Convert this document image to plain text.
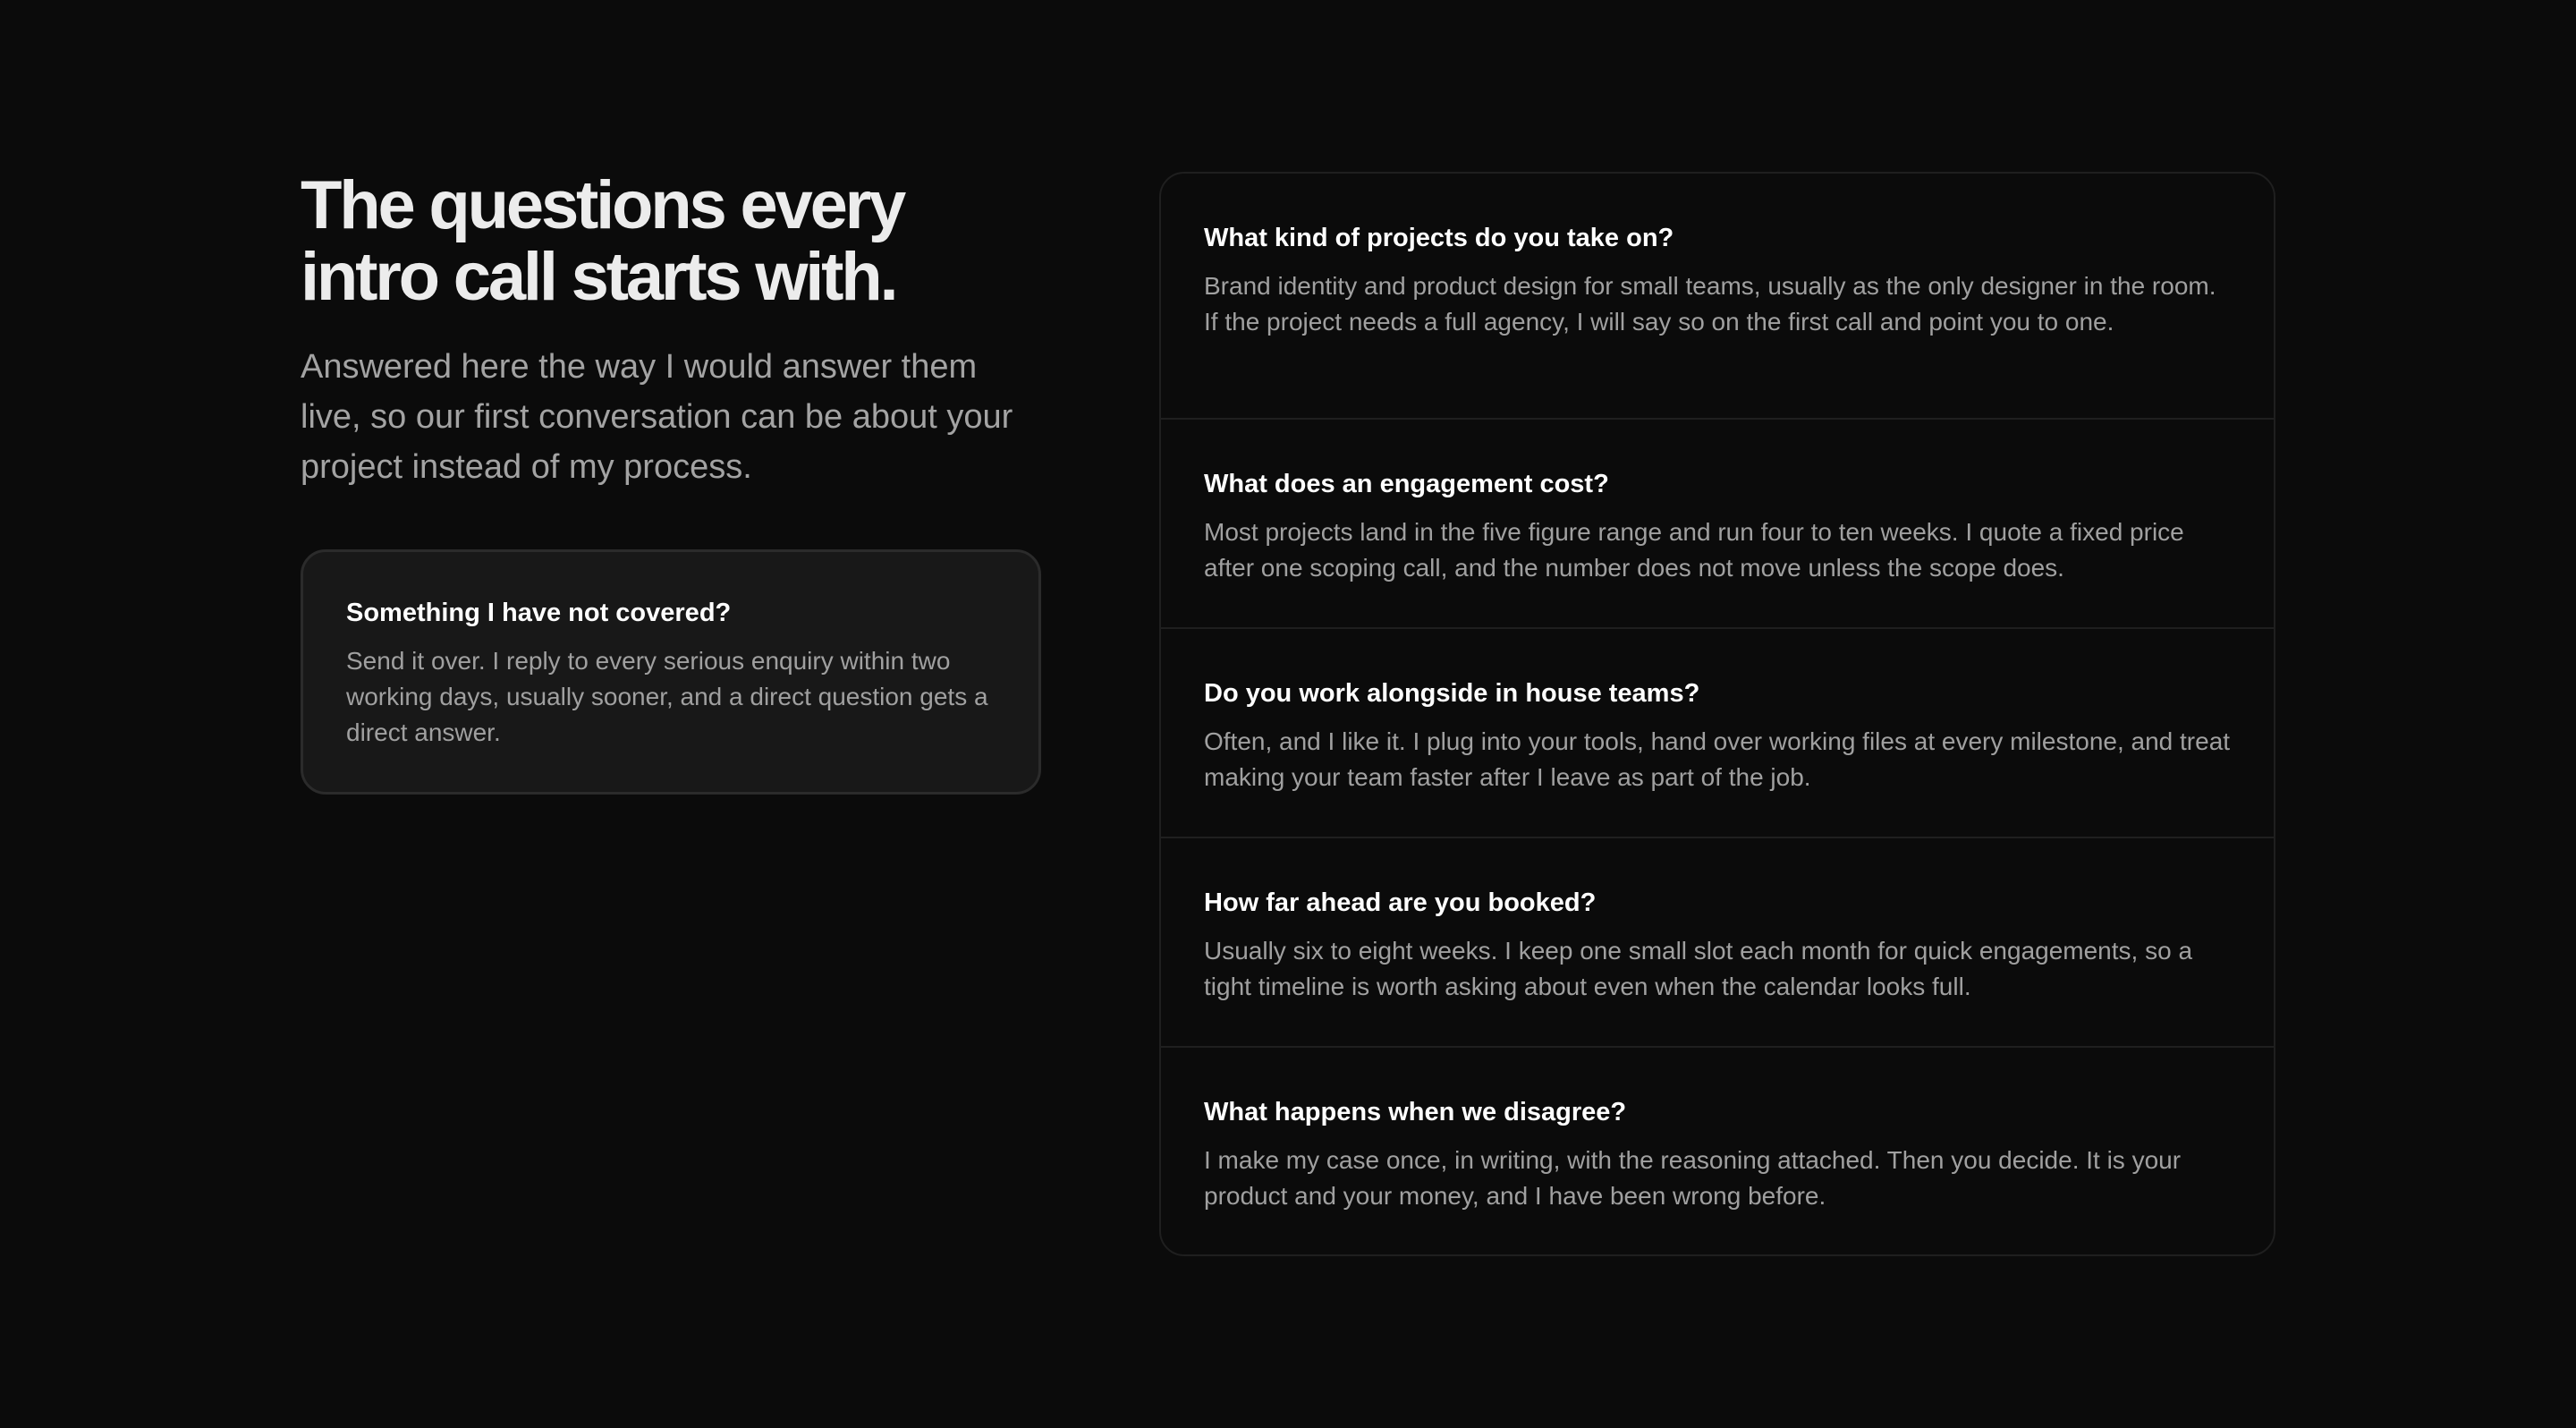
The questions every
intro call starts with.

Answered here the way I would answer them live, so our first conversation can be about your project instead of my process.

Something I have not covered?

Send it over. I reply to every serious enquiry within two working days, usually sooner, and a direct question gets a direct answer.

What kind of projects do you take on?

Brand identity and product design for small teams, usually as the only designer in the room. If the project needs a full agency, I will say so on the first call and point you to one.

What does an engagement cost?

Most projects land in the five figure range and run four to ten weeks. I quote a fixed price after one scoping call, and the number does not move unless the scope does.

Do you work alongside in house teams?

Often, and I like it. I plug into your tools, hand over working files at every milestone, and treat making your team faster after I leave as part of the job.

How far ahead are you booked?

Usually six to eight weeks. I keep one small slot each month for quick engagements, so a tight timeline is worth asking about even when the calendar looks full.

What happens when we disagree?

I make my case once, in writing, with the reasoning attached. Then you decide. It is your product and your money, and I have been wrong before.
